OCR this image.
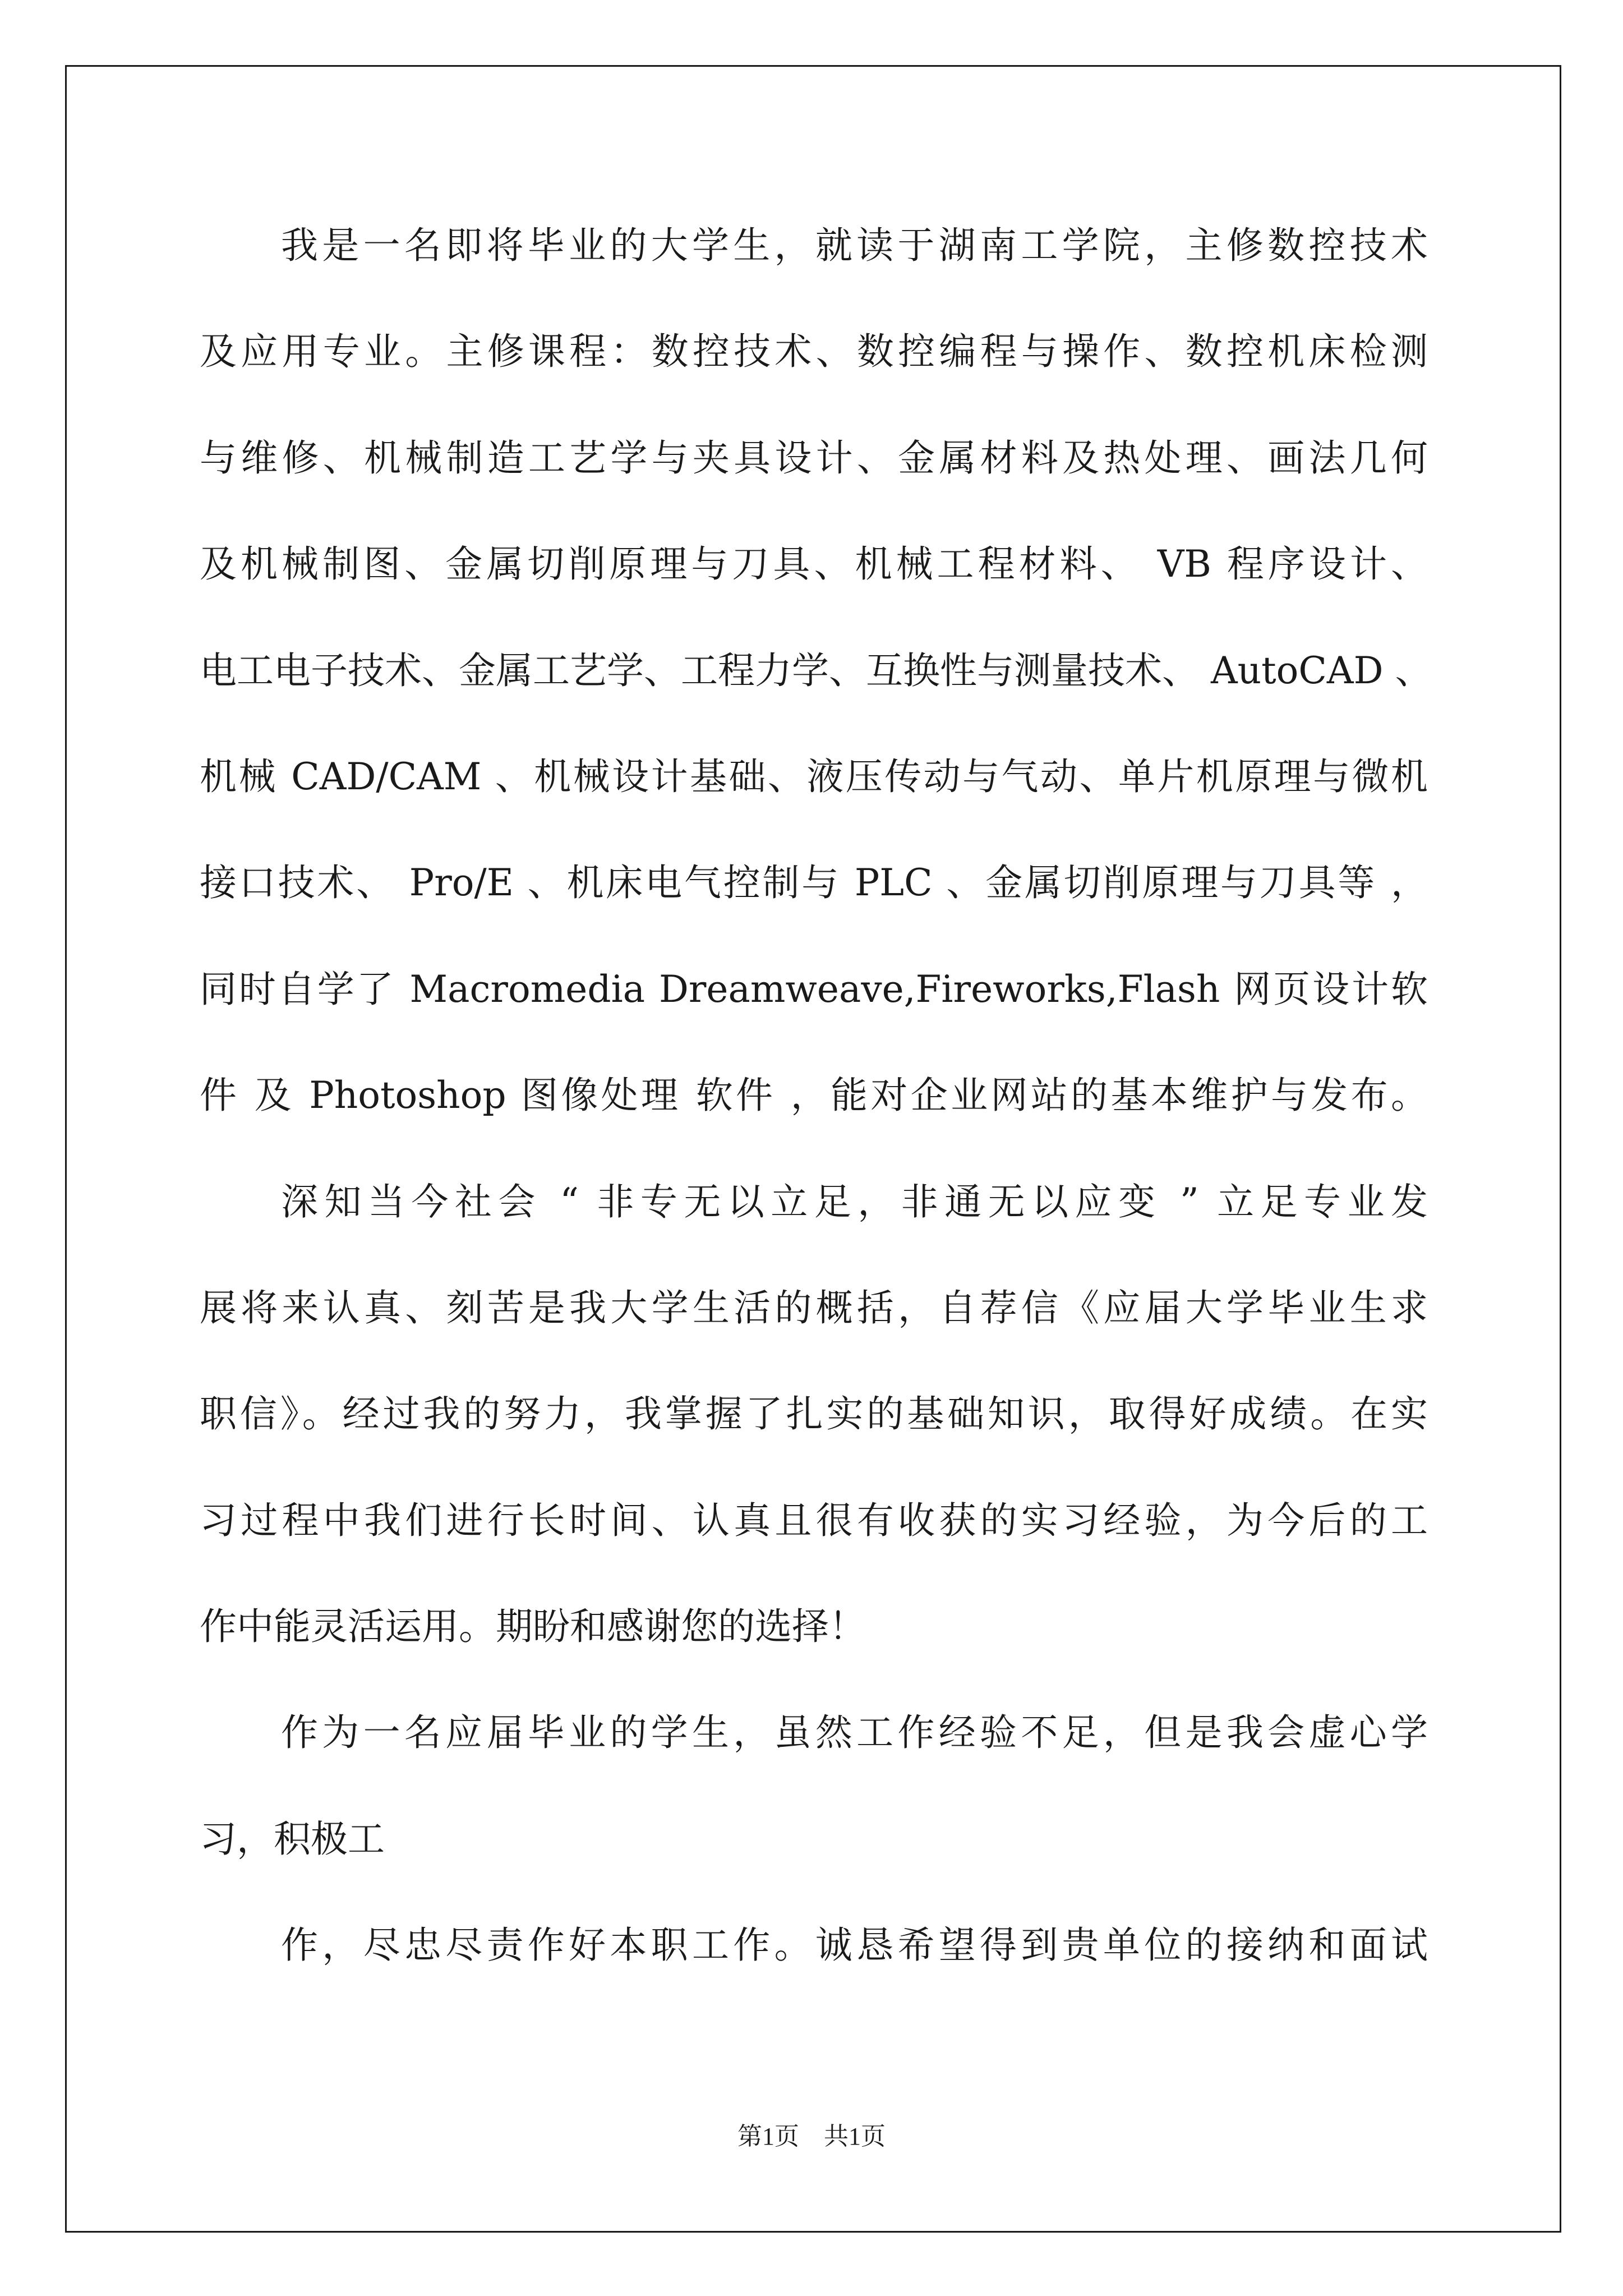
我是一名即将毕业的大学生，就读于湖南工学院，主修数控技术
及应用专业。主修课程：数控技术、数控编程与操作、数控机床检测
与维修、机械制造工艺学与夹具设计、金属材料及热处理、画法几何
及机械制图、金属切削原理与刀具、机械工程材料、 VB 程序设计、
电工电子技术、金属工艺学、工程力学、互换性与测量技术、 AutoCAD 、
机械 CAD/CAM 、机械设计基础、液压传动与气动、单片机原理与微机
接口技术、 Pro/E 、机床电气控制与 PLC 、金属切削原理与刀具等 ，
同时自学了 Macromedia Dreamweave,Fireworks,Flash 网页设计软
件 及 Photoshop 图像处理 软件 ，能对企业网站的基本维护与发布。
深知当今社会 “ 非专无以立足，非通无以应变 ” 立足专业发
展将来认真、刻苦是我大学生活的概括，自荐信《应届大学毕业生求
职信》。经过我的努力，我掌握了扎实的基础知识，取得好成绩。在实
习过程中我们进行长时间、认真且很有收获的实习经验，为今后的工
作中能灵活运用。期盼和感谢您的选择！
作为一名应届毕业的学生，虽然工作经验不足，但是我会虚心学
习，积极工
作，尽忠尽责作好本职工作。诚恳希望得到贵单位的接纳和面试
第1页　共1页
